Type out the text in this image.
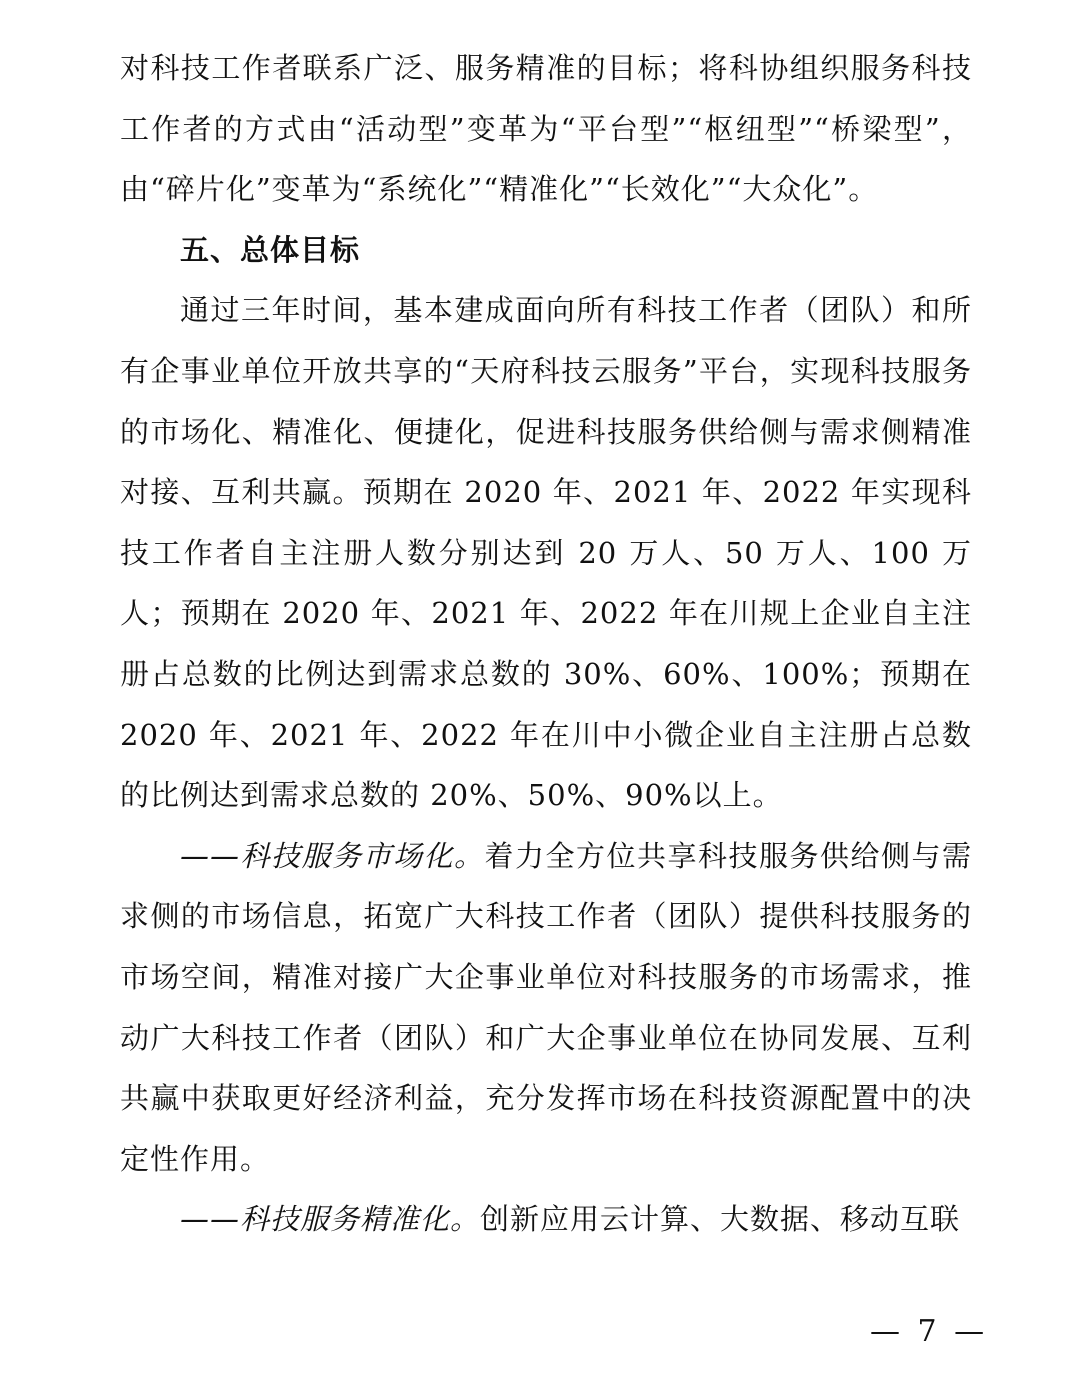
对科技工作者联系广泛、服务精准的目标；将科协组织服务科技工作者的方式由“活动型”变革为“平台型”“枢纽型”“桥梁型”，由“碎片化”变革为“系统化”“精准化”“长效化”“大众化”。

五、总体目标

通过三年时间，基本建成面向所有科技工作者（团队）和所有企事业单位开放共享的“天府科技云服务”平台，实现科技服务的市场化、精准化、便捷化，促进科技服务供给侧与需求侧精准对接、互利共赢。预期在 2020 年、2021 年、2022 年实现科技工作者自主注册人数分别达到 20 万人、50 万人、100 万人；预期在 2020 年、2021 年、2022 年在川规上企业自主注册占总数的比例达到需求总数的 30%、60%、100%；预期在 2020 年、2021 年、2022 年在川中小微企业自主注册占总数的比例达到需求总数的 20%、50%、90%以上。

——科技服务市场化。着力全方位共享科技服务供给侧与需求侧的市场信息，拓宽广大科技工作者（团队）提供科技服务的市场空间，精准对接广大企事业单位对科技服务的市场需求，推动广大科技工作者（团队）和广大企事业单位在协同发展、互利共赢中获取更好经济利益，充分发挥市场在科技资源配置中的决定性作用。

——科技服务精准化。创新应用云计算、大数据、移动互联

— 7 —
